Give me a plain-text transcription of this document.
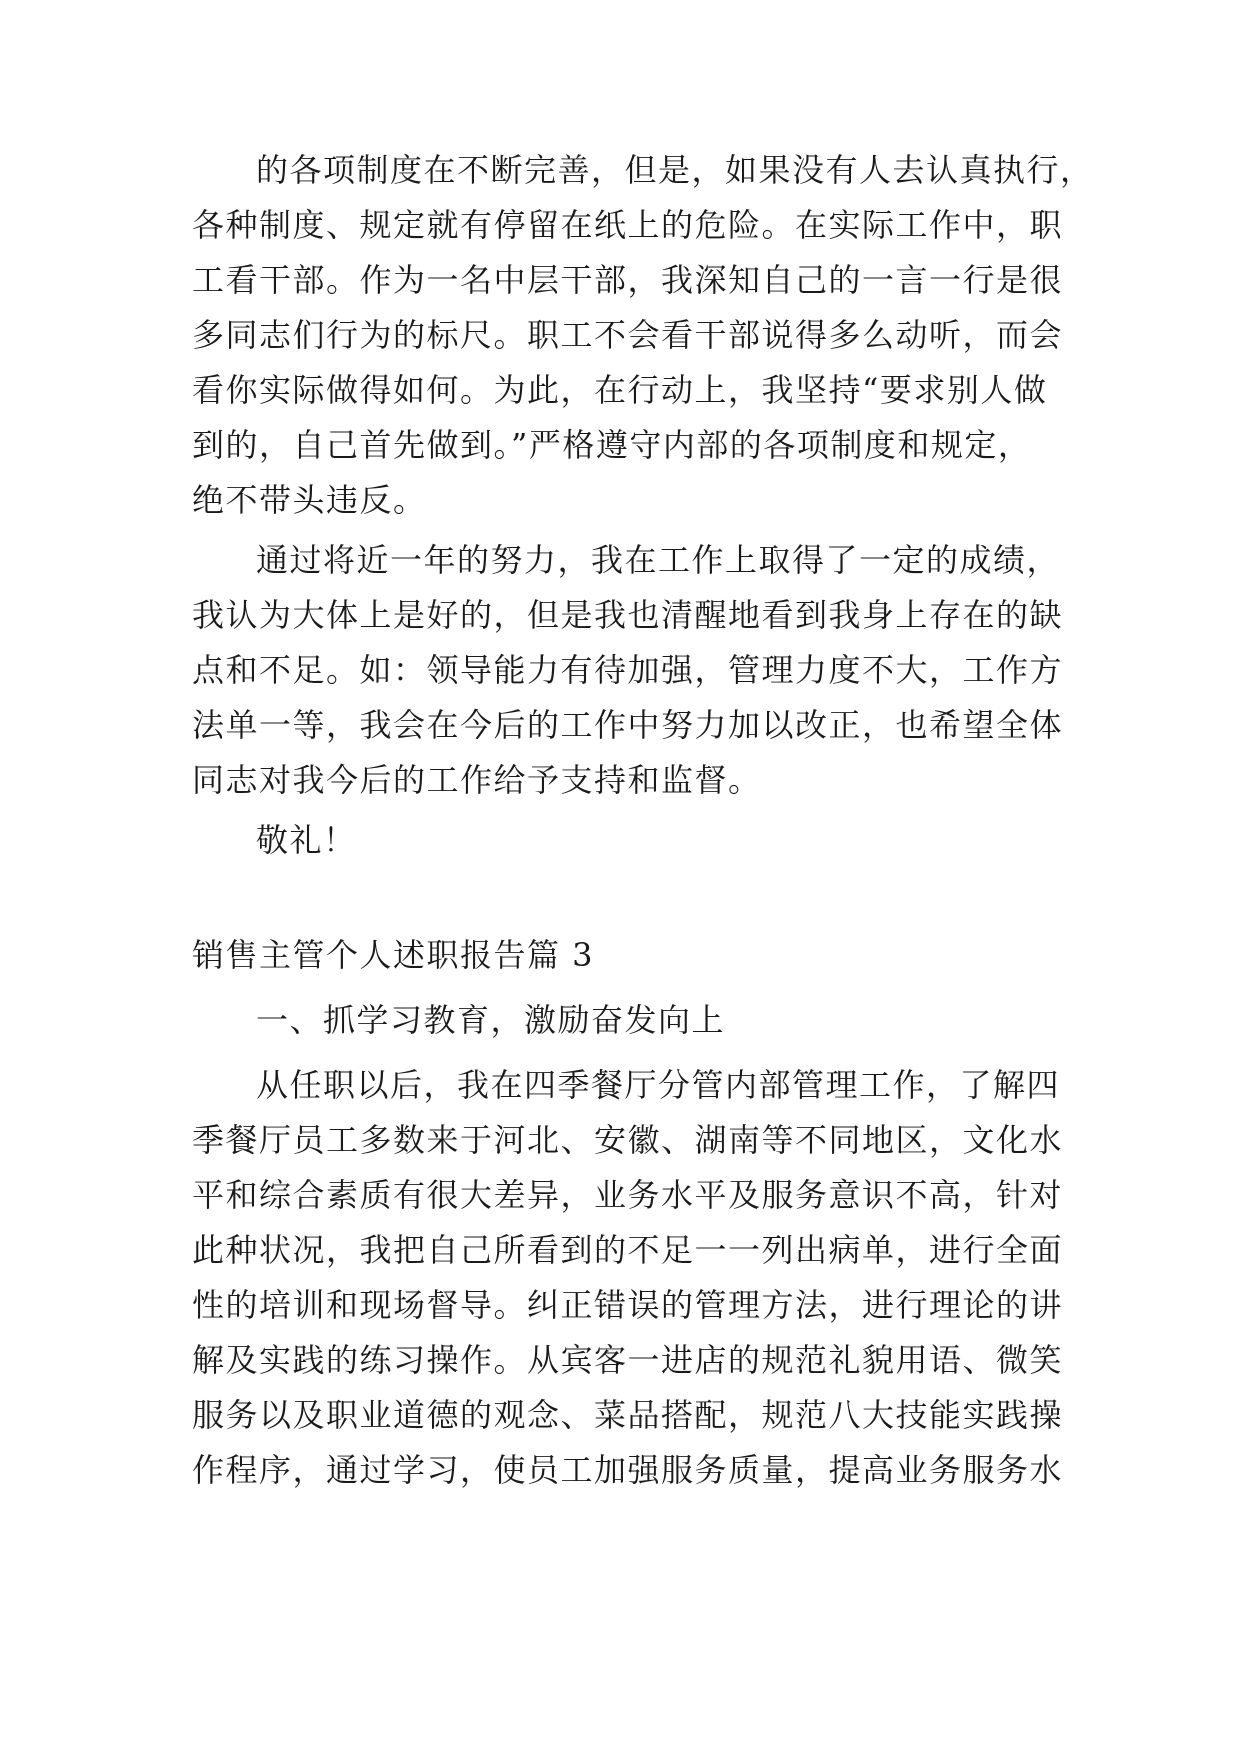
的各项制度在不断完善，但是，如果没有人去认真执行，
各种制度、规定就有停留在纸上的危险。在实际工作中，职
工看干部。作为一名中层干部，我深知自己的一言一行是很
多同志们行为的标尺。职工不会看干部说得多么动听，而会
看你实际做得如何。为此，在行动上，我坚持“要求别人做
到的，自己首先做到。”严格遵守内部的各项制度和规定，
绝不带头违反。
通过将近一年的努力，我在工作上取得了一定的成绩，
我认为大体上是好的，但是我也清醒地看到我身上存在的缺
点和不足。如：领导能力有待加强，管理力度不大，工作方
法单一等，我会在今后的工作中努力加以改正，也希望全体
同志对我今后的工作给予支持和监督。
敬礼！
销售主管个人述职报告篇 3
一、抓学习教育，激励奋发向上
从任职以后，我在四季餐厅分管内部管理工作，了解四
季餐厅员工多数来于河北、安徽、湖南等不同地区，文化水
平和综合素质有很大差异，业务水平及服务意识不高，针对
此种状况，我把自己所看到的不足一一列出病单，进行全面
性的培训和现场督导。纠正错误的管理方法，进行理论的讲
解及实践的练习操作。从宾客一进店的规范礼貌用语、微笑
服务以及职业道德的观念、菜品搭配，规范八大技能实践操
作程序，通过学习，使员工加强服务质量，提高业务服务水
